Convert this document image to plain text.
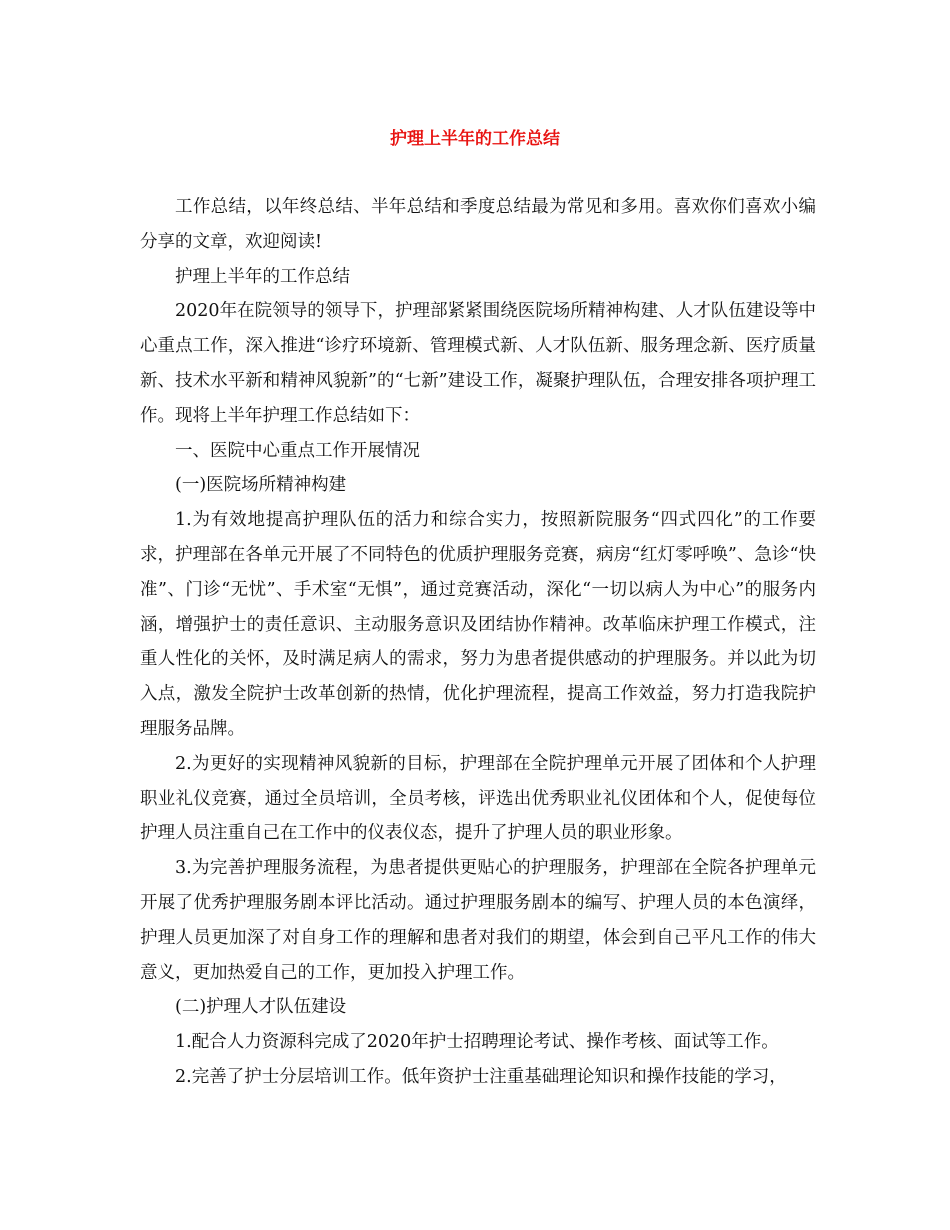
护理上半年的工作总结

工作总结，以年终总结、半年总结和季度总结最为常见和多用。喜欢你们喜欢小编分享的文章，欢迎阅读!

护理上半年的工作总结

2020年在院领导的领导下，护理部紧紧围绕医院场所精神构建、人才队伍建设等中心重点工作，深入推进“诊疗环境新、管理模式新、人才队伍新、服务理念新、医疗质量新、技术水平新和精神风貌新”的“七新”建设工作，凝聚护理队伍，合理安排各项护理工作。现将上半年护理工作总结如下：

一、医院中心重点工作开展情况

(一)医院场所精神构建

1.为有效地提高护理队伍的活力和综合实力，按照新院服务“四式四化”的工作要求，护理部在各单元开展了不同特色的优质护理服务竞赛，病房“红灯零呼唤”、急诊“快准”、门诊“无忧”、手术室“无惧”，通过竞赛活动，深化“一切以病人为中心”的服务内涵，增强护士的责任意识、主动服务意识及团结协作精神。改革临床护理工作模式，注重人性化的关怀，及时满足病人的需求，努力为患者提供感动的护理服务。并以此为切入点，激发全院护士改革创新的热情，优化护理流程，提高工作效益，努力打造我院护理服务品牌。

2.为更好的实现精神风貌新的目标，护理部在全院护理单元开展了团体和个人护理职业礼仪竞赛，通过全员培训，全员考核，评选出优秀职业礼仪团体和个人，促使每位护理人员注重自己在工作中的仪表仪态，提升了护理人员的职业形象。

3.为完善护理服务流程，为患者提供更贴心的护理服务，护理部在全院各护理单元开展了优秀护理服务剧本评比活动。通过护理服务剧本的编写、护理人员的本色演绎，护理人员更加深了对自身工作的理解和患者对我们的期望，体会到自己平凡工作的伟大意义，更加热爱自己的工作，更加投入护理工作。

(二)护理人才队伍建设

1.配合人力资源科完成了2020年护士招聘理论考试、操作考核、面试等工作。

2.完善了护士分层培训工作。低年资护士注重基础理论知识和操作技能的学习，
